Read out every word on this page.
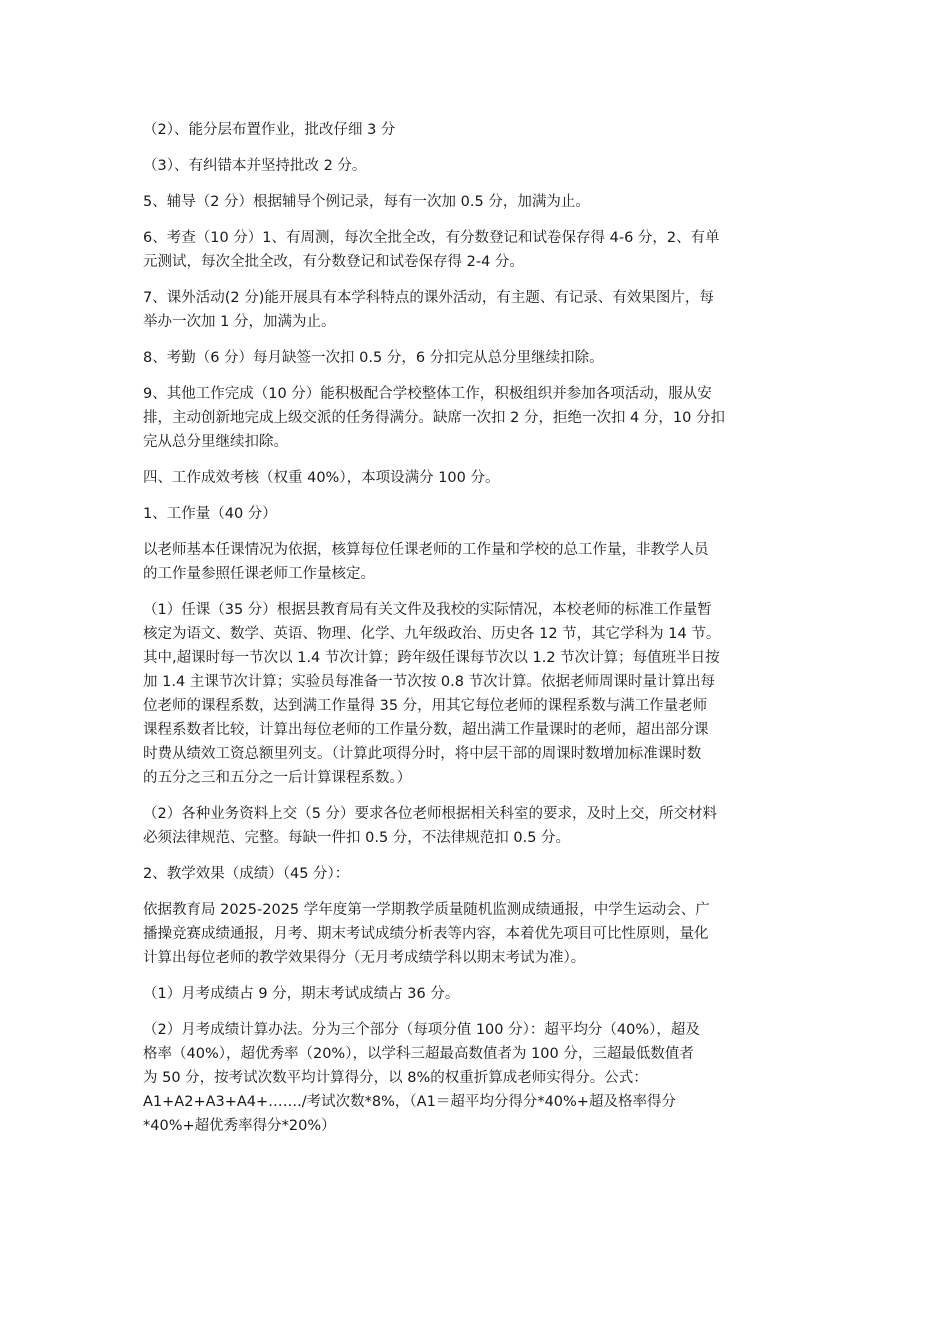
（2）、能分层布置作业，批改仔细 3 分

（3）、有纠错本并坚持批改 2 分。

5、辅导（2 分）根据辅导个例记录，每有一次加 0.5 分，加满为止。

6、考查（10 分）1、有周测，每次全批全改，有分数登记和试卷保存得 4-6 分，2、有单
元测试，每次全批全改，有分数登记和试卷保存得 2-4 分。

7、课外活动(2 分)能开展具有本学科特点的课外活动，有主题、有记录、有效果图片，每
举办一次加 1 分，加满为止。

8、考勤（6 分）每月缺签一次扣 0.5 分，6 分扣完从总分里继续扣除。

9、其他工作完成（10 分）能积极配合学校整体工作，积极组织并参加各项活动，服从安
排，主动创新地完成上级交派的任务得满分。缺席一次扣 2 分，拒绝一次扣 4 分，10 分扣
完从总分里继续扣除。

四、工作成效考核（权重 40%），本项设满分 100 分。

1、工作量（40 分）

以老师基本任课情况为依据，核算每位任课老师的工作量和学校的总工作量，非教学人员
的工作量参照任课老师工作量核定。

（1）任课（35 分）根据县教育局有关文件及我校的实际情况，本校老师的标准工作量暂
核定为语文、数学、英语、物理、化学、九年级政治、历史各 12 节，其它学科为 14 节。
其中,超课时每一节次以 1.4 节次计算；跨年级任课每节次以 1.2 节次计算；每值班半日按
加 1.4 主课节次计算；实验员每准备一节次按 0.8 节次计算。依据老师周课时量计算出每
位老师的课程系数，达到满工作量得 35 分，用其它每位老师的课程系数与满工作量老师
课程系数者比较，计算出每位老师的工作量分数，超出满工作量课时的老师，超出部分课
时费从绩效工资总额里列支。（计算此项得分时，将中层干部的周课时数增加标准课时数
的五分之三和五分之一后计算课程系数。）

（2）各种业务资料上交（5 分）要求各位老师根据相关科室的要求，及时上交，所交材料
必须法律规范、完整。每缺一件扣 0.5 分，不法律规范扣 0.5 分。

2、教学效果（成绩）（45 分）：

依据教育局 2025-2025 学年度第一学期教学质量随机监测成绩通报，中学生运动会、广
播操竞赛成绩通报，月考、期末考试成绩分析表等内容，本着优先项目可比性原则，量化
计算出每位老师的教学效果得分（无月考成绩学科以期末考试为准）。

（1）月考成绩占 9 分，期末考试成绩占 36 分。

（2）月考成绩计算办法。分为三个部分（每项分值 100 分）：超平均分（40%），超及
格率（40%），超优秀率（20%），以学科三超最高数值者为 100 分，三超最低数值者
为 50 分，按考试次数平均计算得分，以 8%的权重折算成老师实得分。公式：
A1+A2+A3+A4+……./考试次数*8%，（A1＝超平均分得分*40%+超及格率得分
*40%+超优秀率得分*20%）
